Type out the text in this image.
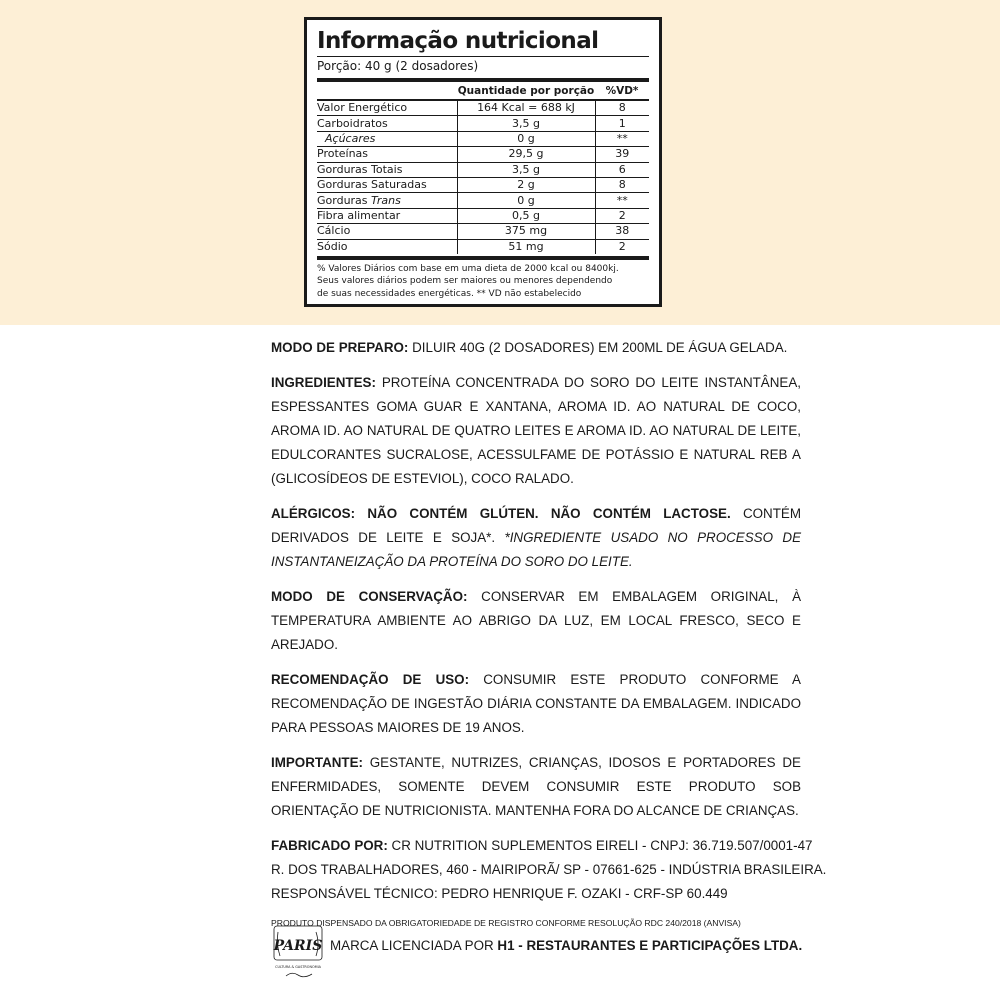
Informação nutricional
Porção: 40 g (2 dosadores)
	Quantidade por porção	%VD*
Valor Energético	164 Kcal = 688 kJ	8
Carboidratos	3,5 g	1
Açúcares	0 g	**
Proteínas	29,5 g	39
Gorduras Totais	3,5 g	6
Gorduras Saturadas	2 g	8
Gorduras Trans	0 g	**
Fibra alimentar	0,5 g	2
Cálcio	375 mg	38
Sódio	51 mg	2
% Valores Diários com base em uma dieta de 2000 kcal ou 8400kj.
Seus valores diários podem ser maiores ou menores dependendo
de suas necessidades energéticas. ** VD não estabelecido

MODO DE PREPARO: DILUIR 40G (2 DOSADORES) EM 200ML DE ÁGUA GELADA.

INGREDIENTES: PROTEÍNA CONCENTRADA DO SORO DO LEITE INSTANTÂNEA, ESPESSANTES GOMA GUAR E XANTANA, AROMA ID. AO NATURAL DE COCO, AROMA ID. AO NATURAL DE QUATRO LEITES E AROMA ID. AO NATURAL DE LEITE, EDULCORANTES SUCRALOSE, ACESSULFAME DE POTÁSSIO E NATURAL REB A (GLICOSÍDEOS DE ESTEVIOL), COCO RALADO.

ALÉRGICOS: NÃO CONTÉM GLÚTEN. NÃO CONTÉM LACTOSE. CONTÉM DERIVADOS DE LEITE E SOJA*. *INGREDIENTE USADO NO PROCESSO DE INSTANTANEIZAÇÃO DA PROTEÍNA DO SORO DO LEITE.

MODO DE CONSERVAÇÃO: CONSERVAR EM EMBALAGEM ORIGINAL, À TEMPERATURA AMBIENTE AO ABRIGO DA LUZ, EM LOCAL FRESCO, SECO E AREJADO.

RECOMENDAÇÃO DE USO: CONSUMIR ESTE PRODUTO CONFORME A RECOMENDAÇÃO DE INGESTÃO DIÁRIA CONSTANTE DA EMBALAGEM. INDICADO PARA PESSOAS MAIORES DE 19 ANOS.

IMPORTANTE: GESTANTE, NUTRIZES, CRIANÇAS, IDOSOS E PORTADORES DE ENFERMIDADES, SOMENTE DEVEM CONSUMIR ESTE PRODUTO SOB ORIENTAÇÃO DE NUTRICIONISTA. MANTENHA FORA DO ALCANCE DE CRIANÇAS.

FABRICADO POR: CR NUTRITION SUPLEMENTOS EIRELI - CNPJ: 36.719.507/0001-47
R. DOS TRABALHADORES, 460 - MAIRIPORÃ/ SP - 07661-625 - INDÚSTRIA BRASILEIRA.
RESPONSÁVEL TÉCNICO: PEDRO HENRIQUE F. OZAKI - CRF-SP 60.449

PRODUTO DISPENSADO DA OBRIGATORIEDADE DE REGISTRO CONFORME RESOLUÇÃO RDC 240/2018 (ANVISA)
PARIS
CULTURA & GASTRONOMIA
MARCA LICENCIADA POR H1 - RESTAURANTES E PARTICIPAÇÕES LTDA.
